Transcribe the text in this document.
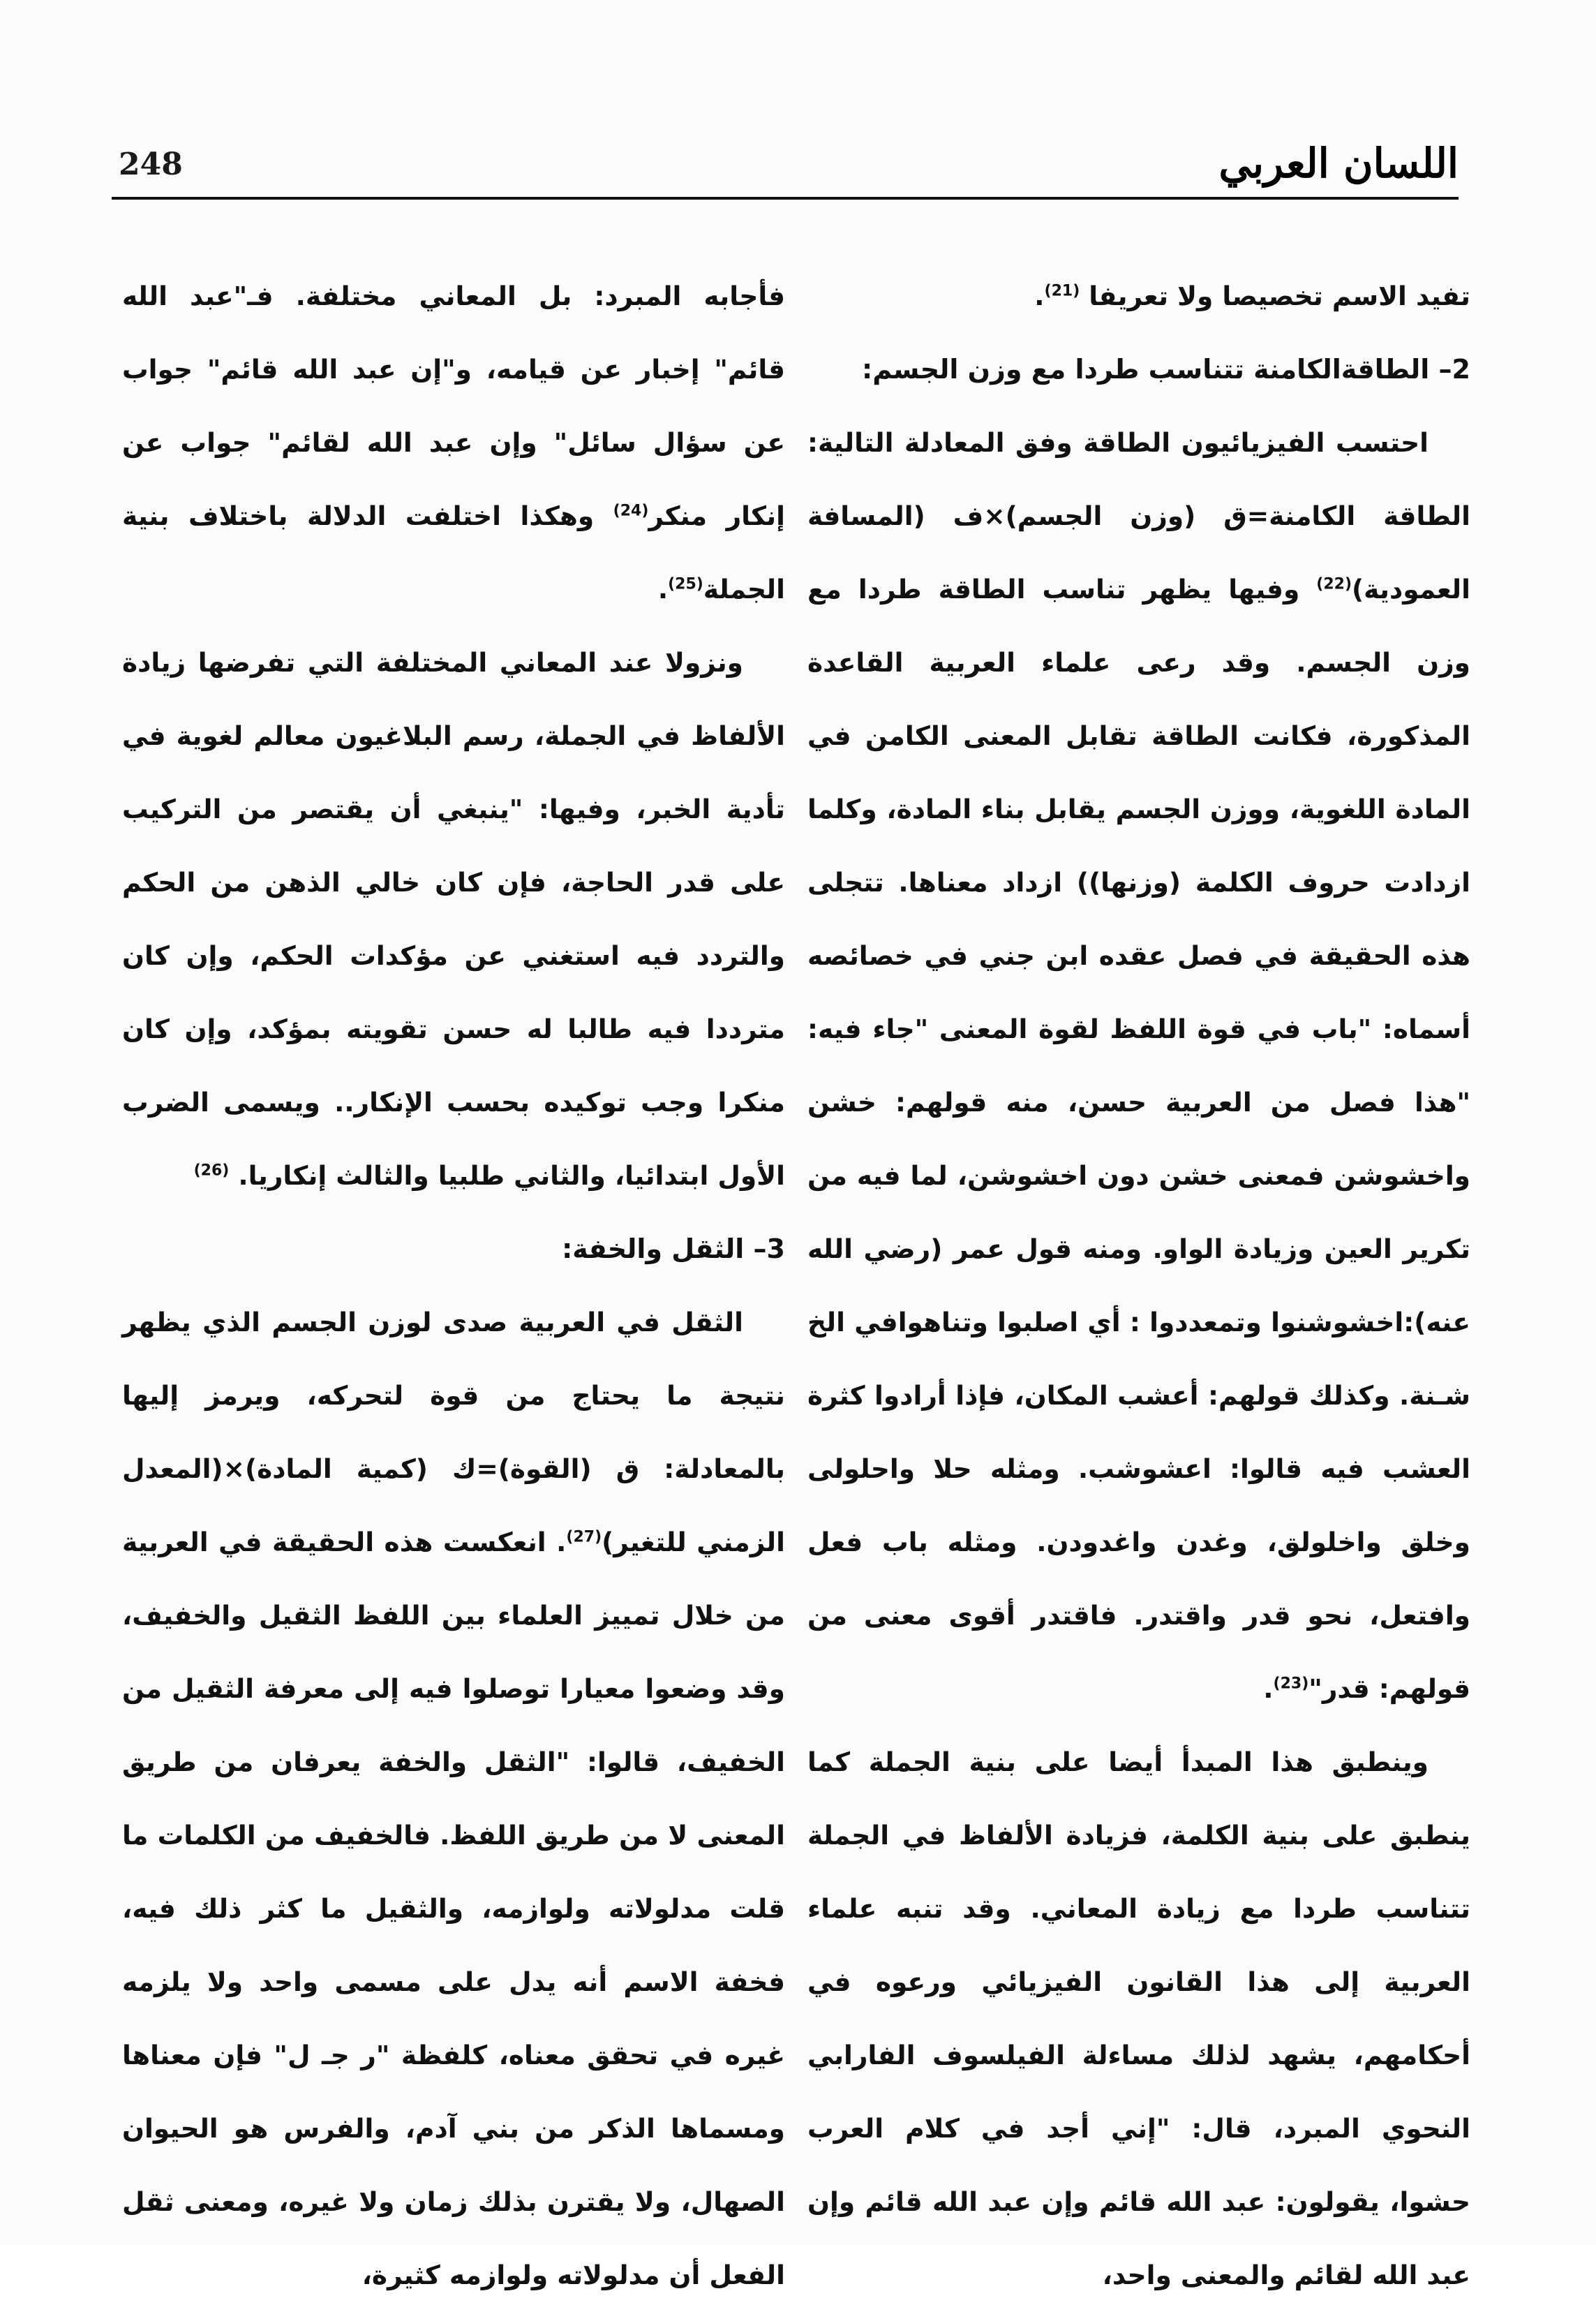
248	اللسان العربي

تفيد الاسم تخصيصا ولا تعريفا $^{(21)}$.

2– الطاقةالكامنة تتناسب طردا مع وزن الجسم:

احتسب الفيزيائيون الطاقة وفق المعادلة التالية: الطاقة الكامنة=ق (وزن الجسم)×ف (المسافة العمودية)$^{(22)}$ وفيها يظهر تناسب الطاقة طردا مع وزن الجسم. وقد رعى علماء العربية القاعدة المذكورة، فكانت الطاقة تقابل المعنى الكامن في المادة اللغوية، ووزن الجسم يقابل بناء المادة، وكلما ازدادت حروف الكلمة (وزنها)) ازداد معناها. تتجلى هذه الحقيقة في فصل عقده ابن جني في خصائصه أسماه: "باب في قوة اللفظ لقوة المعنى "جاء فيه: "هذا فصل من العربية حسن، منه قولهم: خشن واخشوشن فمعنى خشن دون اخشوشن، لما فيه من تكرير العين وزيادة الواو. ومنه قول عمر (رضي الله عنه):اخشوشنوا وتمعددوا : أي اصلبوا وتناهوافي الخ شـنة. وكذلك قولهم: أعشب المكان، فإذا أرادوا كثرة العشب فيه قالوا: اعشوشب. ومثله حلا واحلولى وخلق واخلولق، وغدن واغدودن. ومثله باب فعل وافتعل، نحو قدر واقتدر. فاقتدر أقوى معنى من قولهم: قدر"$^{(23)}$.

وينطبق هذا المبدأ أيضا على بنية الجملة كما ينطبق على بنية الكلمة، فزيادة الألفاظ في الجملة تتناسب طردا مع زيادة المعاني. وقد تنبه علماء العربية إلى هذا القانون الفيزيائي ورعوه في أحكامهم، يشهد لذلك مساءلة الفيلسوف الفارابي النحوي المبرد، قال: "إني أجد في كلام العرب حشوا، يقولون: عبد الله قائم وإن عبد الله قائم وإن عبد الله لقائم والمعنى واحد،

فأجابه المبرد: بل المعاني مختلفة. فـ"عبد الله قائم" إخبار عن قيامه، و"إن عبد الله قائم" جواب عن سؤال سائل" وإن عبد الله لقائم" جواب عن إنكار منكر$^{(24)}$ وهكذا اختلفت الدلالة باختلاف بنية الجملة$^{(25)}$.

ونزولا عند المعاني المختلفة التي تفرضها زيادة الألفاظ في الجملة، رسم البلاغيون معالم لغوية في تأدية الخبر، وفيها: "ينبغي أن يقتصر من التركيب على قدر الحاجة، فإن كان خالي الذهن من الحكم والتردد فيه استغني عن مؤكدات الحكم، وإن كان مترددا فيه طالبا له حسن تقويته بمؤكد، وإن كان منكرا وجب توكيده بحسب الإنكار.. ويسمى الضرب الأول ابتدائيا، والثاني طلبيا والثالث إنكاريا. $^{(26)}$

3– الثقل والخفة:

الثقل في العربية صدى لوزن الجسم الذي يظهر نتيجة ما يحتاج من قوة لتحركه، ويرمز إليها بالمعادلة: ق (القوة)=ك (كمية المادة)×(المعدل الزمني للتغير)$^{(27)}$. انعكست هذه الحقيقة في العربية من خلال تمييز العلماء بين اللفظ الثقيل والخفيف، وقد وضعوا معيارا توصلوا فيه إلى معرفة الثقيل من الخفيف، قالوا: "الثقل والخفة يعرفان من طريق المعنى لا من طريق اللفظ. فالخفيف من الكلمات ما قلت مدلولاته ولوازمه، والثقيل ما كثر ذلك فيه، فخفة الاسم أنه يدل على مسمى واحد ولا يلزمه غيره في تحقق معناه، كلفظة "ر جـ ل" فإن معناها ومسماها الذكر من بني آدم، والفرس هو الحيوان الصهال، ولا يقترن بذلك زمان ولا غيره، ومعنى ثقل الفعل أن مدلولاته ولوازمه كثيرة،
